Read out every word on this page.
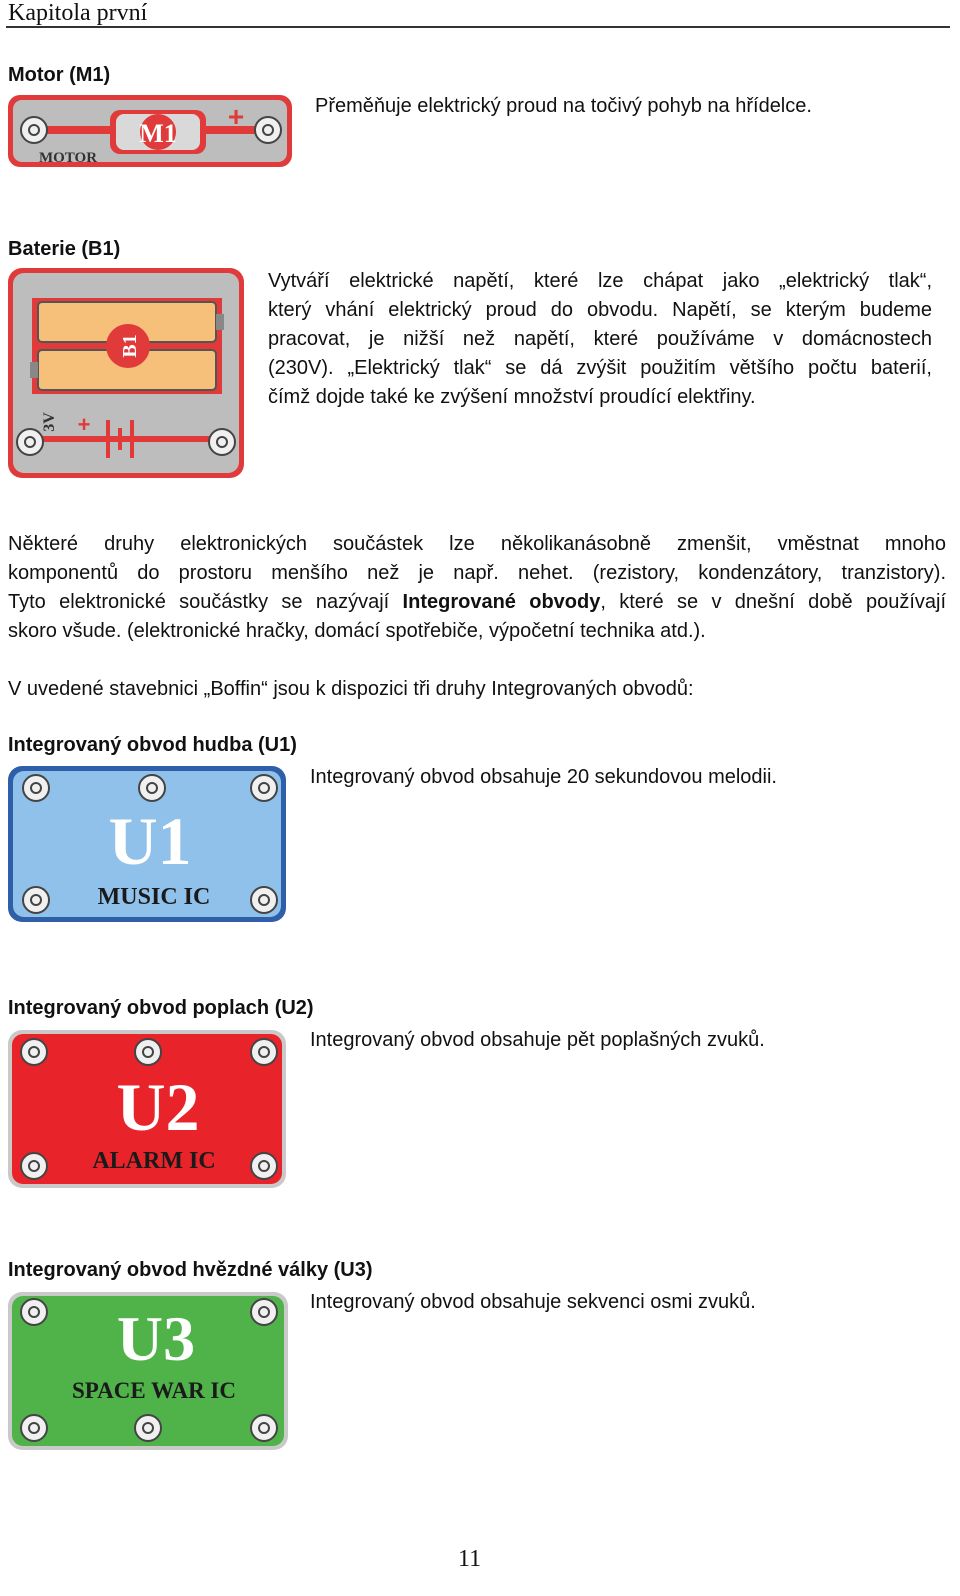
Kapitola první
Motor (M1)
M1
+
MOTOR
Přeměňuje elektrický proud na točivý pohyb na hřídelce.
Baterie (B1)
B1
3V +
Vytváří elektrické napětí, které lze chápat jako „elektrický tlak“,
který vhání elektrický proud do obvodu. Napětí, se kterým budeme
pracovat, je nižší než napětí, které používáme v domácnostech
(230V). „Elektrický tlak“ se dá zvýšit použitím většího počtu baterií,
čímž dojde také ke zvýšení množství proudící elektřiny.
Některé druhy elektronických součástek lze několikanásobně zmenšit, vměstnat mnoho
komponentů do prostoru menšího než je např. nehet. (rezistory, kondenzátory, tranzistory).
Tyto elektronické součástky se nazývají Integrované obvody, které se v dnešní době používají
skoro všude. (elektronické hračky, domácí spotřebiče, výpočetní technika atd.).
V uvedené stavebnici „Boffin“ jsou k dispozici tři druhy Integrovaných obvodů:
Integrovaný obvod hudba (U1)
U1
MUSIC IC
Integrovaný obvod obsahuje 20 sekundovou melodii.
Integrovaný obvod poplach (U2)
U2
ALARM IC
Integrovaný obvod obsahuje pět poplašných zvuků.
Integrovaný obvod hvězdné války (U3)
U3
SPACE WAR IC
Integrovaný obvod obsahuje sekvenci osmi zvuků.
11
